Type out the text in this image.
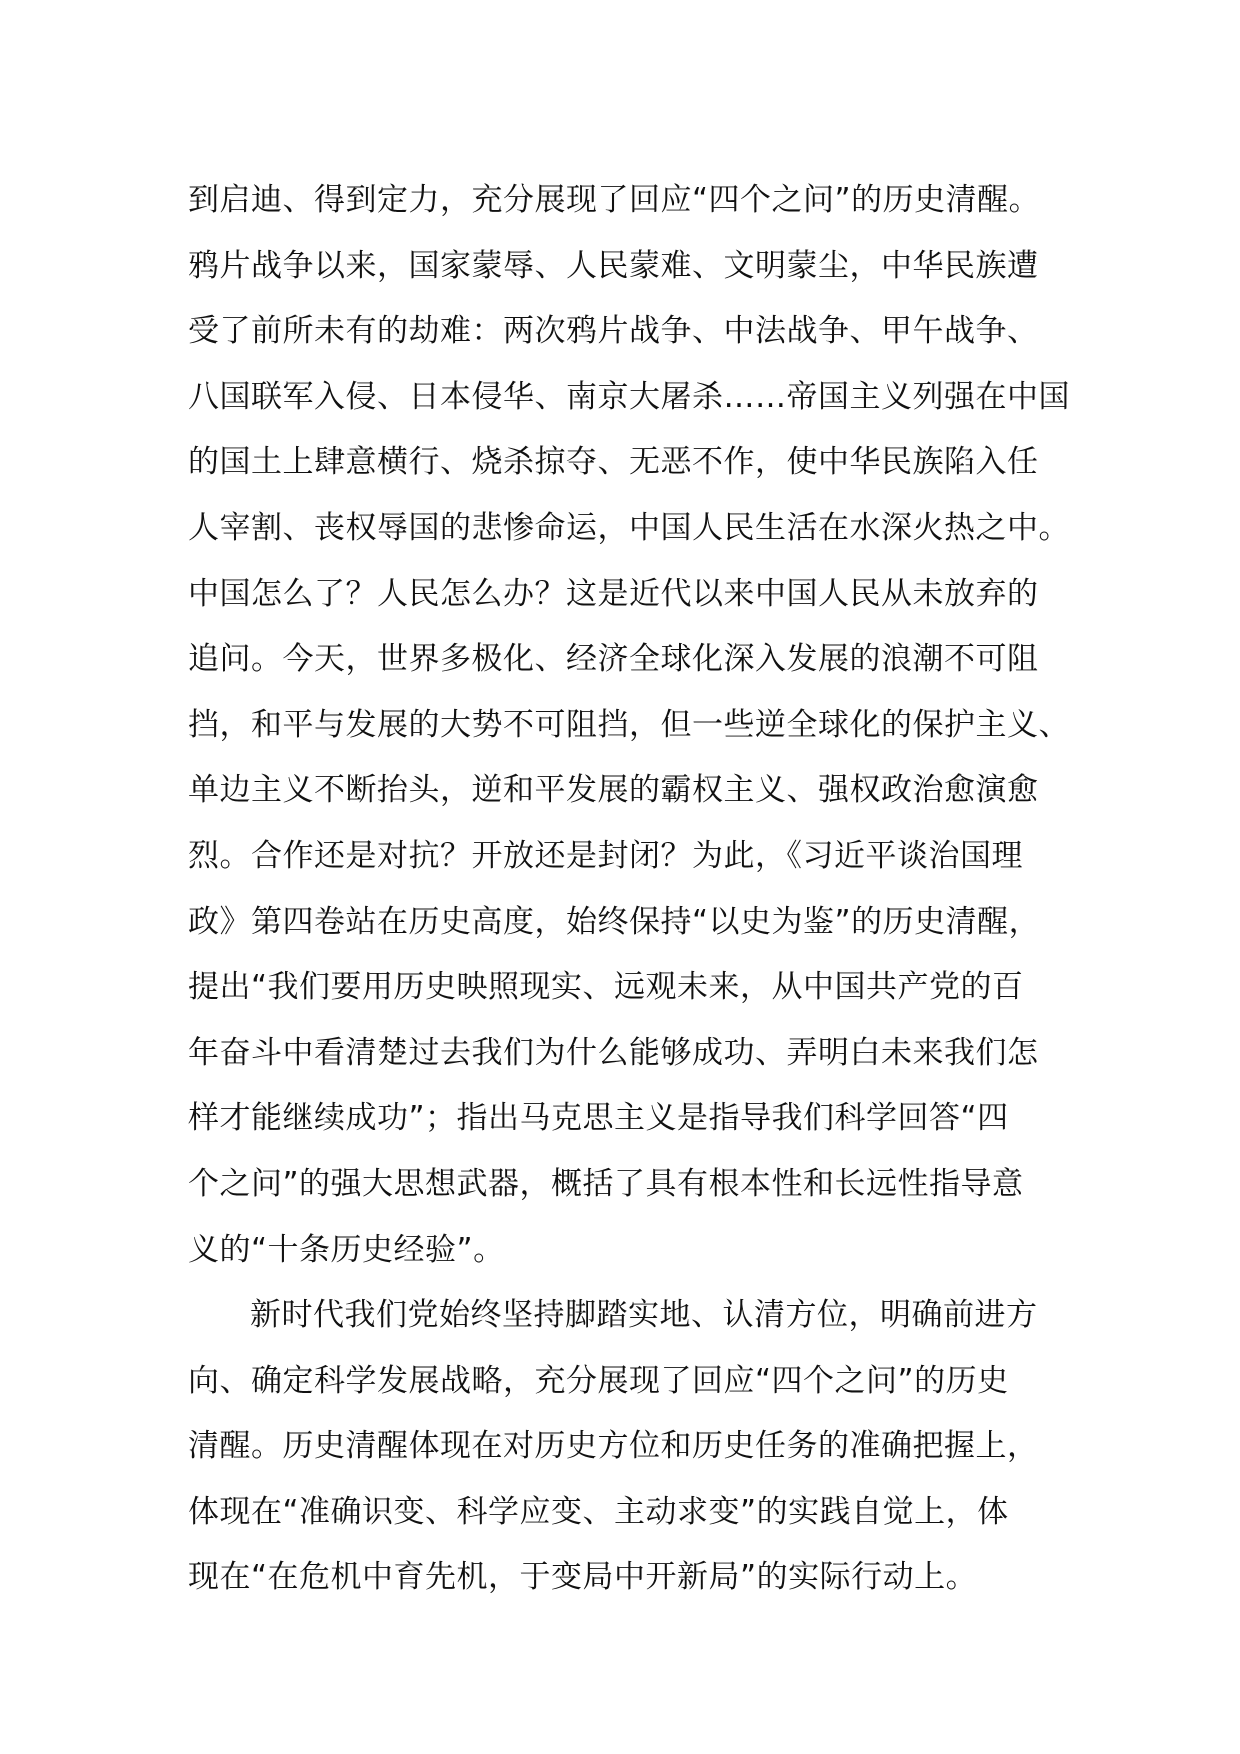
到启迪、得到定力，充分展现了回应“四个之问”的历史清醒。
鸦片战争以来，国家蒙辱、人民蒙难、文明蒙尘，中华民族遭
受了前所未有的劫难：两次鸦片战争、中法战争、甲午战争、
八国联军入侵、日本侵华、南京大屠杀……帝国主义列强在中国
的国土上肆意横行、烧杀掠夺、无恶不作，使中华民族陷入任
人宰割、丧权辱国的悲惨命运，中国人民生活在水深火热之中。
中国怎么了？人民怎么办？这是近代以来中国人民从未放弃的
追问。今天，世界多极化、经济全球化深入发展的浪潮不可阻
挡，和平与发展的大势不可阻挡，但一些逆全球化的保护主义、
单边主义不断抬头，逆和平发展的霸权主义、强权政治愈演愈
烈。合作还是对抗？开放还是封闭？为此，《习近平谈治国理
政》第四卷站在历史高度，始终保持“以史为鉴”的历史清醒，
提出“我们要用历史映照现实、远观未来，从中国共产党的百
年奋斗中看清楚过去我们为什么能够成功、弄明白未来我们怎
样才能继续成功”；指出马克思主义是指导我们科学回答“四
个之问”的强大思想武器，概括了具有根本性和长远性指导意
义的“十条历史经验”。
新时代我们党始终坚持脚踏实地、认清方位，明确前进方
向、确定科学发展战略，充分展现了回应“四个之问”的历史
清醒。历史清醒体现在对历史方位和历史任务的准确把握上，
体现在“准确识变、科学应变、主动求变”的实践自觉上，体
现在“在危机中育先机，于变局中开新局”的实际行动上。
